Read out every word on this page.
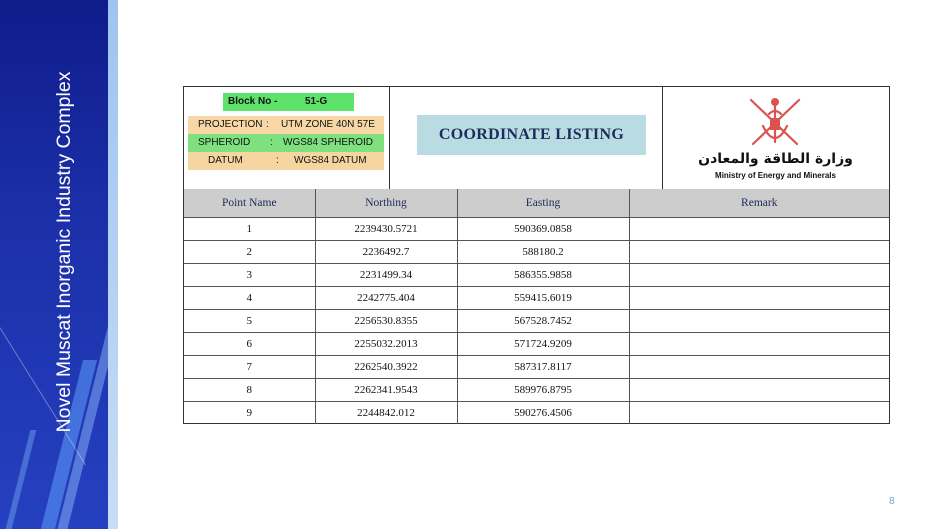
Novel Muscat Inorganic Industry Complex	Block No -	51-G
PROJECTION : UTM ZONE 40N 57E
SPHEROID : WGS84 SPHEROID
DATUM	: WGS84 DATUM
COORDINATE LISTING
وزارة الطاقة والمعادن
Ministry of Energy and Minerals
Point Name	Northing	Easting	Remark
1	2239430.5721	590369.0858	
2	2236492.7	588180.2	
3	2231499.34	586355.9858	
4	2242775.404	559415.6019	
5	2256530.8355	567528.7452	
6	2255032.2013	571724.9209	
7	2262540.3922	587317.8117	
8	2262341.9543	589976.8795	
9	2244842.012	590276.4506	
8
